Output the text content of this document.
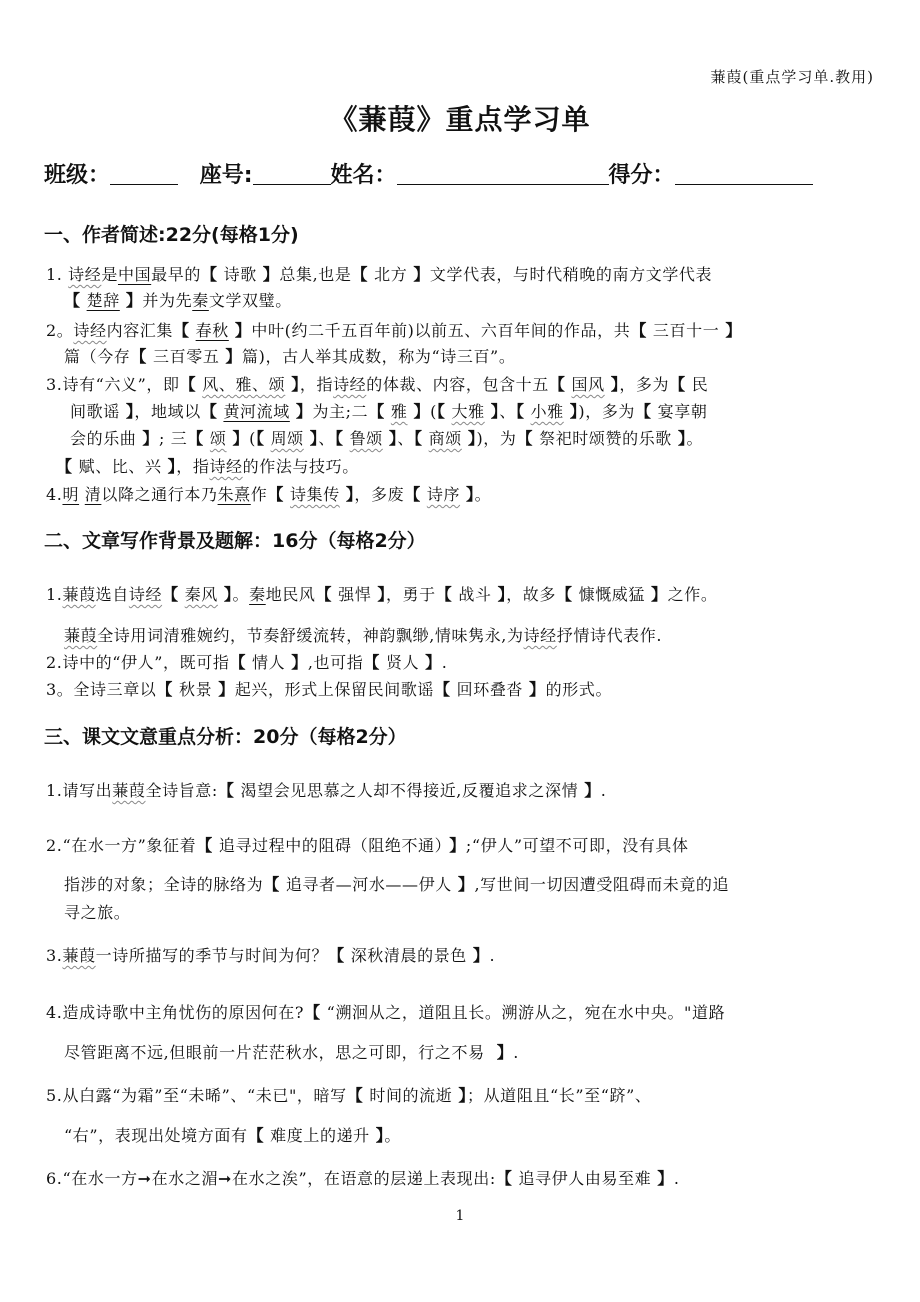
蒹葭(重点学习单.教用)
《蒹葭》重点学习单
班级：	座号:	姓名：	得分：
一、作者简述:22分(每格1分)
1. 诗经是中国最早的【 诗歌 】总集,也是【 北方 】文学代表，与时代稍晚的南方文学代表
【 楚辞 】并为先秦文学双璧。
2。诗经内容汇集【 春秋 】中叶(约二千五百年前)以前五、六百年间的作品，共【 三百十一 】
篇（今存【 三百零五 】篇)，古人举其成数，称为“诗三百”。
3.诗有“六义”，即【 风、雅、颂 】，指诗经的体裁、内容，包含十五【 国风 】，多为【 民
间歌谣 】，地域以【 黄河流域 】为主;二【 雅 】(【 大雅 】、【 小雅 】)，多为【 宴享朝
会的乐曲 】; 三【 颂 】(【 周颂 】、【 鲁颂 】、【 商颂 】)，为【 祭祀时颂赞的乐歌 】。
【 赋、比、兴 】，指诗经的作法与技巧。
4.明 清以降之通行本乃朱熹作【 诗集传 】，多废【 诗序 】。
二、文章写作背景及题解：16分（每格2分）
1.蒹葭选自诗经【 秦风 】。秦地民风【 强悍 】，勇于【 战斗 】，故多【 慷慨威猛 】之作。
蒹葭全诗用词清雅婉约，节奏舒缓流转，神韵飘缈,情味隽永,为诗经抒情诗代表作.
2.诗中的“伊人”，既可指【 情人 】,也可指【 贤人 】.
3。全诗三章以【 秋景 】起兴，形式上保留民间歌谣【 回环叠沓 】的形式。
三、课文文意重点分析：20分（每格2分）
1.请写出蒹葭全诗旨意:【 渴望会见思慕之人却不得接近,反覆追求之深情 】.
2.“在水一方”象征着【 追寻过程中的阻碍（阻绝不通） 】;“伊人”可望不可即，没有具体
指涉的对象；全诗的脉络为【 追寻者—河水——伊人 】,写世间一切因遭受阻碍而未竟的追
寻之旅。
3.蒹葭一诗所描写的季节与时间为何？【 深秋清晨的景色 】.
4.造成诗歌中主角忧伤的原因何在?【 “溯洄从之，道阻且长。溯游从之，宛在水中央。"道路
尽管距离不远,但眼前一片茫茫秋水，思之可即，行之不易 】.
5.从白露“为霜”至“未晞”、“未已"，暗写【 时间的流逝 】；从道阻且“长”至“跻”、
“右”，表现出处境方面有【 难度上的递升 】。
6.“在水一方➞在水之湄➞在水之涘”，在语意的层递上表现出:【 追寻伊人由易至难 】.
1
